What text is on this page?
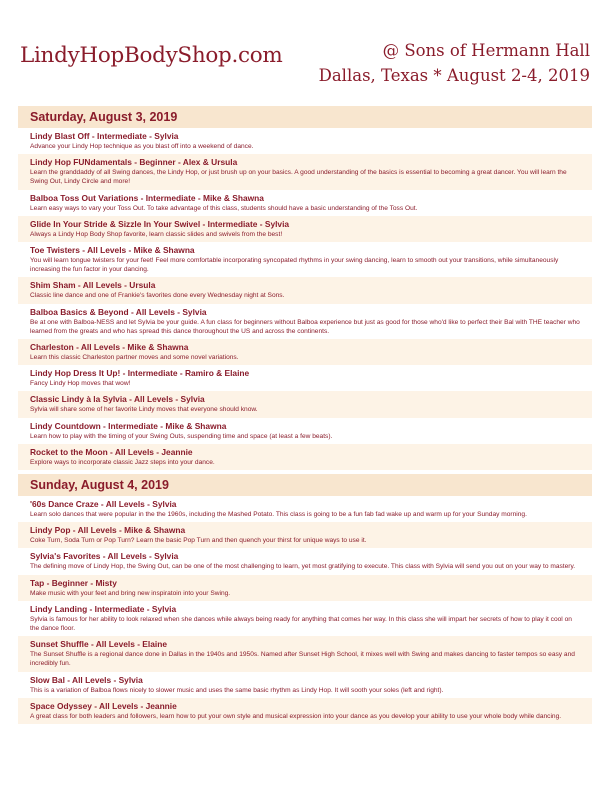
LindyHopBodyShop.com	@ Sons of Hermann Hall
Dallas, Texas * August 2-4, 2019
Saturday, August 3, 2019
Lindy Blast Off - Intermediate - Sylvia
Advance your Lindy Hop technique as you blast off into a weekend of dance.
Lindy Hop FUNdamentals - Beginner - Alex & Ursula
Learn the granddaddy of all Swing dances, the Lindy Hop, or just brush up on your basics. A good understanding of the basics is essential to becoming a great dancer. You will learn the Swing Out, Lindy Circle and more!
Balboa Toss Out Variations - Intermediate - Mike & Shawna
Learn easy ways to vary your Toss Out. To take advantage of this class, students should have a basic understanding of the Toss Out.
Glide In Your Stride & Sizzle In Your Swivel - Intermediate - Sylvia
Always a Lindy Hop Body Shop favorite, learn classic slides and swivels from the best!
Toe Twisters - All Levels - Mike & Shawna
You will learn tongue twisters for your feet! Feel more comfortable incorporating syncopated rhythms in your swing dancing, learn to smooth out your transitions, while simultaneously increasing the fun factor in your dancing.
Shim Sham - All Levels - Ursula
Classic line dance and one of Frankie's favorites done every Wednesday night at Sons.
Balboa Basics & Beyond - All Levels - Sylvia
Be at one with Balboa-NESS and let Sylvia be your guide. A fun class for beginners without Balboa experience but just as good for those who'd like to perfect their Bal with THE teacher who learned from the greats and who has spread this dance thoroughout the US and across the continents.
Charleston - All Levels - Mike & Shawna
Learn this classic Charleston partner moves and some novel variations.
Lindy Hop Dress It Up! - Intermediate - Ramiro & Elaine
Fancy Lindy Hop moves that wow!
Classic Lindy à la Sylvia - All Levels - Sylvia
Sylvia will share some of her favorite Lindy moves that everyone should know.
Lindy Countdown - Intermediate - Mike & Shawna
Learn how to play with the timing of your Swing Outs, suspending time and space (at least a few beats).
Rocket to the Moon - All Levels - Jeannie
Explore ways to incorporate classic Jazz steps into your dance.
Sunday, August 4, 2019
'60s Dance Craze - All Levels - Sylvia
Learn solo dances that were popular in the the 1960s, including the Mashed Potato. This class is going to be a fun fab fad wake up and warm up for your Sunday morning.
Lindy Pop - All Levels - Mike & Shawna
Coke Turn, Soda Turn or Pop Turn? Learn the basic Pop Turn and then quench your thirst for unique ways to use it.
Sylvia's Favorites - All Levels - Sylvia
The defining move of Lindy Hop, the Swing Out, can be one of the most challenging to learn, yet most gratifying to execute. This class with Sylvia will send you out on your way to mastery.
Tap - Beginner - Misty
Make music with your feet and bring new inspiratoin into your Swing.
Lindy Landing - Intermediate - Sylvia
Sylvia is famous for her ability to look relaxed when she dances while always being ready for anything that comes her way. In this class she will impart her secrets of how to play it cool on the dance floor.
Sunset Shuffle - All Levels - Elaine
The Sunset Shuffle is a regional dance done in Dallas in the 1940s and 1950s. Named after Sunset High School, it mixes well with Swing and makes dancing to faster tempos so easy and incredibly fun.
Slow Bal - All Levels - Sylvia
This is a variation of Balboa flows nicely to slower music and uses the same basic rhythm as Lindy Hop. It will sooth your soles (left and right).
Space Odyssey - All Levels - Jeannie
A great class for both leaders and followers, learn how to put your own style and musical expression into your dance as you develop your ability to use your whole body while dancing.
